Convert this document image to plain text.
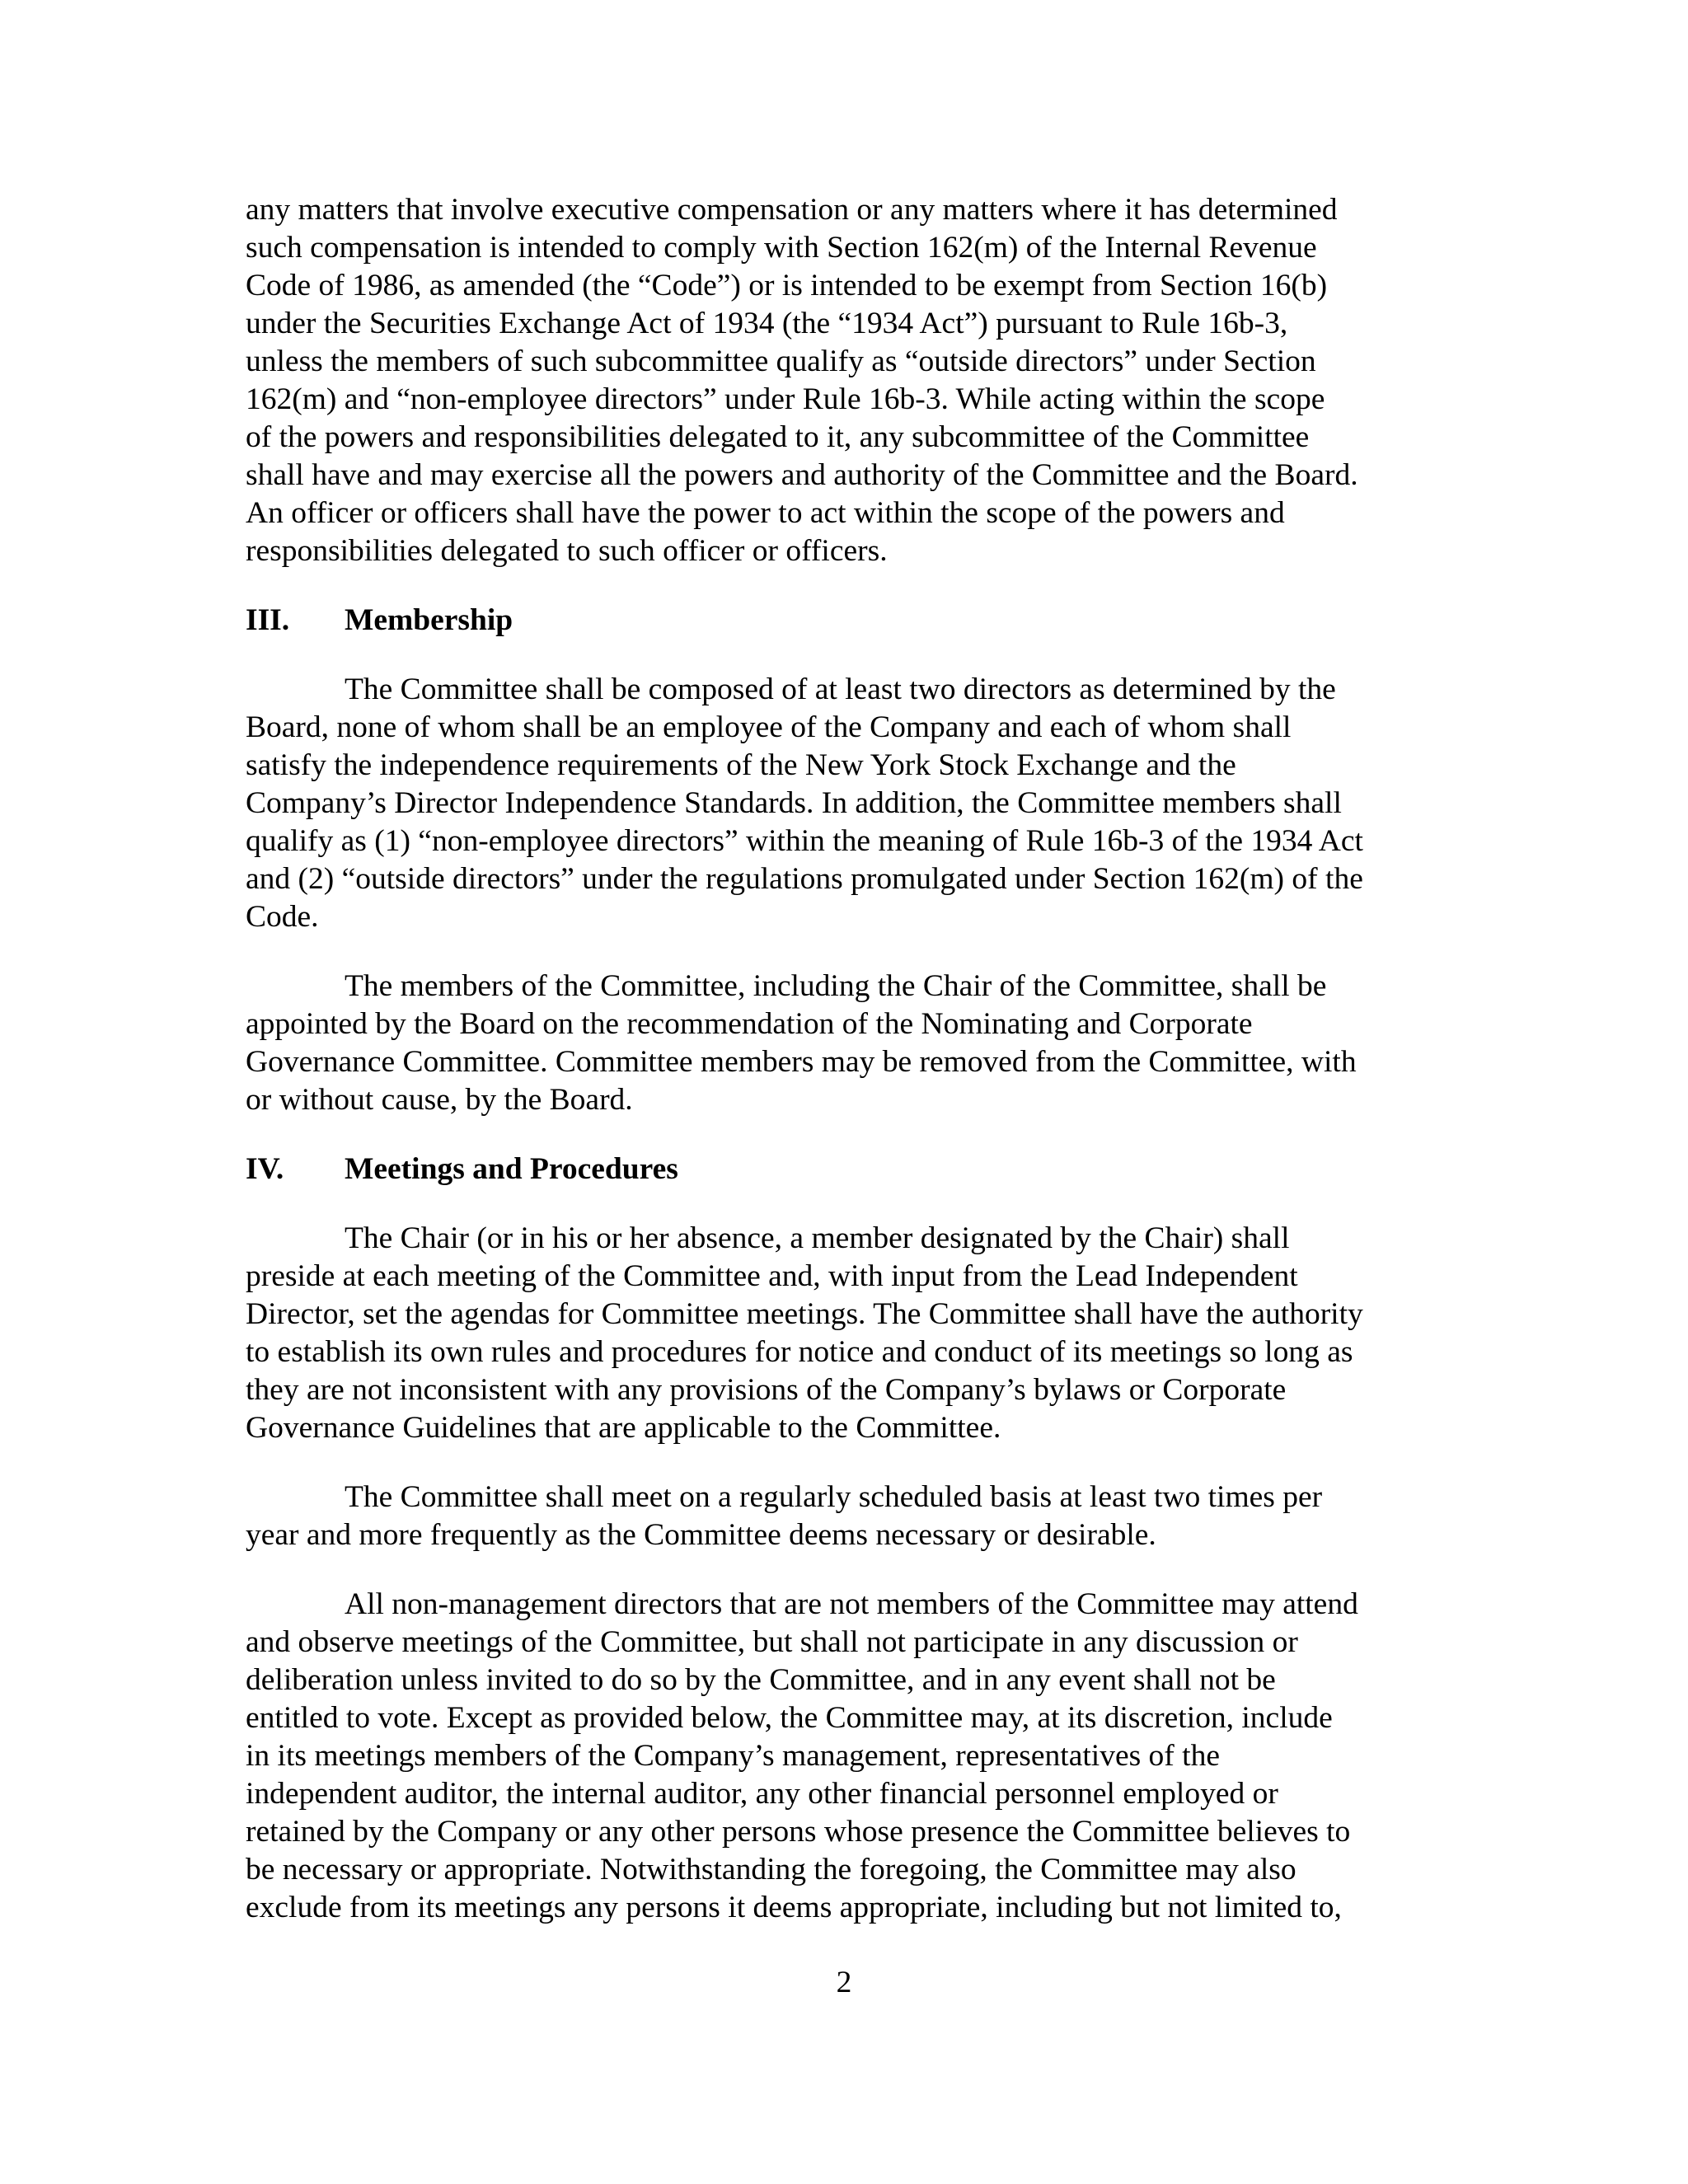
any matters that involve executive compensation or any matters where it has determined
such compensation is intended to comply with Section 162(m) of the Internal Revenue
Code of 1986, as amended (the “Code”) or is intended to be exempt from Section 16(b)
under the Securities Exchange Act of 1934 (the “1934 Act”) pursuant to Rule 16b-3,
unless the members of such subcommittee qualify as “outside directors” under Section
162(m) and “non-employee directors” under Rule 16b-3. While acting within the scope
of the powers and responsibilities delegated to it, any subcommittee of the Committee
shall have and may exercise all the powers and authority of the Committee and the Board.
An officer or officers shall have the power to act within the scope of the powers and
responsibilities delegated to such officer or officers.
III. Membership
The Committee shall be composed of at least two directors as determined by the
Board, none of whom shall be an employee of the Company and each of whom shall
satisfy the independence requirements of the New York Stock Exchange and the
Company’s Director Independence Standards. In addition, the Committee members shall
qualify as (1) “non-employee directors” within the meaning of Rule 16b-3 of the 1934 Act
and (2) “outside directors” under the regulations promulgated under Section 162(m) of the
Code.
The members of the Committee, including the Chair of the Committee, shall be
appointed by the Board on the recommendation of the Nominating and Corporate
Governance Committee. Committee members may be removed from the Committee, with
or without cause, by the Board.
IV. Meetings and Procedures
The Chair (or in his or her absence, a member designated by the Chair) shall
preside at each meeting of the Committee and, with input from the Lead Independent
Director, set the agendas for Committee meetings. The Committee shall have the authority
to establish its own rules and procedures for notice and conduct of its meetings so long as
they are not inconsistent with any provisions of the Company’s bylaws or Corporate
Governance Guidelines that are applicable to the Committee.
The Committee shall meet on a regularly scheduled basis at least two times per
year and more frequently as the Committee deems necessary or desirable.
All non-management directors that are not members of the Committee may attend
and observe meetings of the Committee, but shall not participate in any discussion or
deliberation unless invited to do so by the Committee, and in any event shall not be
entitled to vote. Except as provided below, the Committee may, at its discretion, include
in its meetings members of the Company’s management, representatives of the
independent auditor, the internal auditor, any other financial personnel employed or
retained by the Company or any other persons whose presence the Committee believes to
be necessary or appropriate. Notwithstanding the foregoing, the Committee may also
exclude from its meetings any persons it deems appropriate, including but not limited to,
2
